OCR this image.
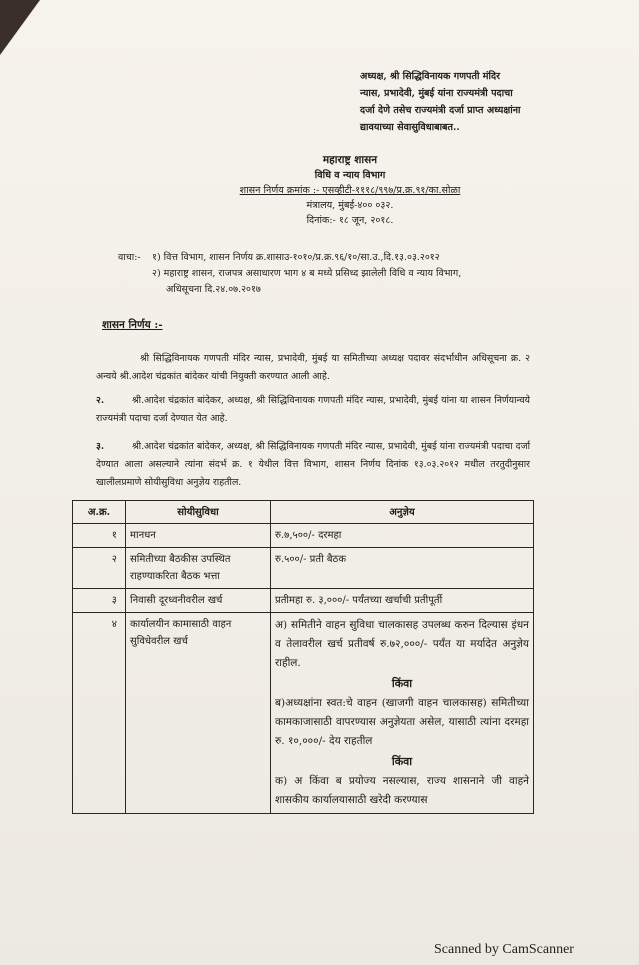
अध्यक्ष, श्री सिद्धिविनायक गणपती मंदिर
न्यास, प्रभादेवी, मुंबई यांना राज्यमंत्री पदाचा
दर्जा देणे तसेच राज्यमंत्री दर्जा प्राप्त अध्यक्षांना
द्यावयाच्या सेवासुविधाबाबत..
महाराष्ट्र शासन
विधि व न्याय विभाग
शासन निर्णय क्रमांक :- एसव्हीटी-१११८/९९७/प्र.क्र.९१/का.सोळा
मंत्रालय, मुंबई-४०० ०३२.
दिनांक:- १८ जून, २०१८.
वाचा:-	१) वित्त विभाग, शासन निर्णय क्र.शासाउ-१०१०/प्र.क्र.९६/१०/सा.उ.,दि.१३.०३.२०१२
२) महाराष्ट्र शासन, राजपत्र असाधारण भाग ४ ब मध्ये प्रसिध्द झालेली विधि व न्याय विभाग,
अधिसूचना दि.२४.०७.२०१७
शासन निर्णय :-
श्री सिद्धिविनायक गणपती मंदिर न्यास, प्रभादेवी, मुंबई या समितीच्या अध्यक्ष पदावर संदर्भाधीन अधिसूचना क्र. २ अन्वये श्री.आदेश चंद्रकांत बांदेकर यांची नियुक्ती करण्यात आली आहे.
२.	श्री.आदेश चंद्रकांत बांदेकर, अध्यक्ष, श्री सिद्धिविनायक गणपती मंदिर न्यास, प्रभादेवी, मुंबई यांना या शासन निर्णयान्वये राज्यमंत्री पदाचा दर्जा देण्यात येत आहे.
३.	श्री.आदेश चंद्रकांत बांदेकर, अध्यक्ष, श्री सिद्धिविनायक गणपती मंदिर न्यास, प्रभादेवी, मुंबई यांना राज्यमंत्री पदाचा दर्जा देण्यात आला असल्याने त्यांना संदर्भ क्र. १ येथील वित्त विभाग, शासन निर्णय दिनांक १३.०३.२०१२ मधील तरतुदीनुसार खालीलप्रमाणे सोयीसुविधा अनुज्ञेय राहतील.
अ.क्र.	सोयीसुविधा	अनुज्ञेय
१	मानधन	रु.७,५००/- दरमहा
२	समितीच्या बैठकीस उपस्थित राहण्याकरिता बैठक भत्ता	रु.५००/- प्रती बैठक
३	निवासी दूरध्वनीवरील खर्च	प्रतीमहा रु. ३,०००/- पर्यंतच्या खर्चाची प्रतीपूर्ती
४	कार्यालयीन कामासाठी वाहन सुविधेवरील खर्च	अ) समितीने वाहन सुविधा चालकासह उपलब्ध करुन दिल्यास इंधन व तेलावरील खर्च प्रतीवर्ष रु.७२,०००/- पर्यंत या मर्यादेत अनुज्ञेय राहील.
किंवा
ब)अध्यक्षांना स्वत:चे वाहन (खाजगी वाहन चालकासह) समितीच्या कामकाजासाठी वापरण्यास अनुज्ञेयता असेल, यासाठी त्यांना दरमहा रु. १०,०००/- देय राहतील
किंवा
क) अ किंवा ब प्रयोज्य नसल्यास, राज्य शासनाने जी वाहने शासकीय कार्यालयासाठी खरेदी करण्यास
Scanned by CamScanner
